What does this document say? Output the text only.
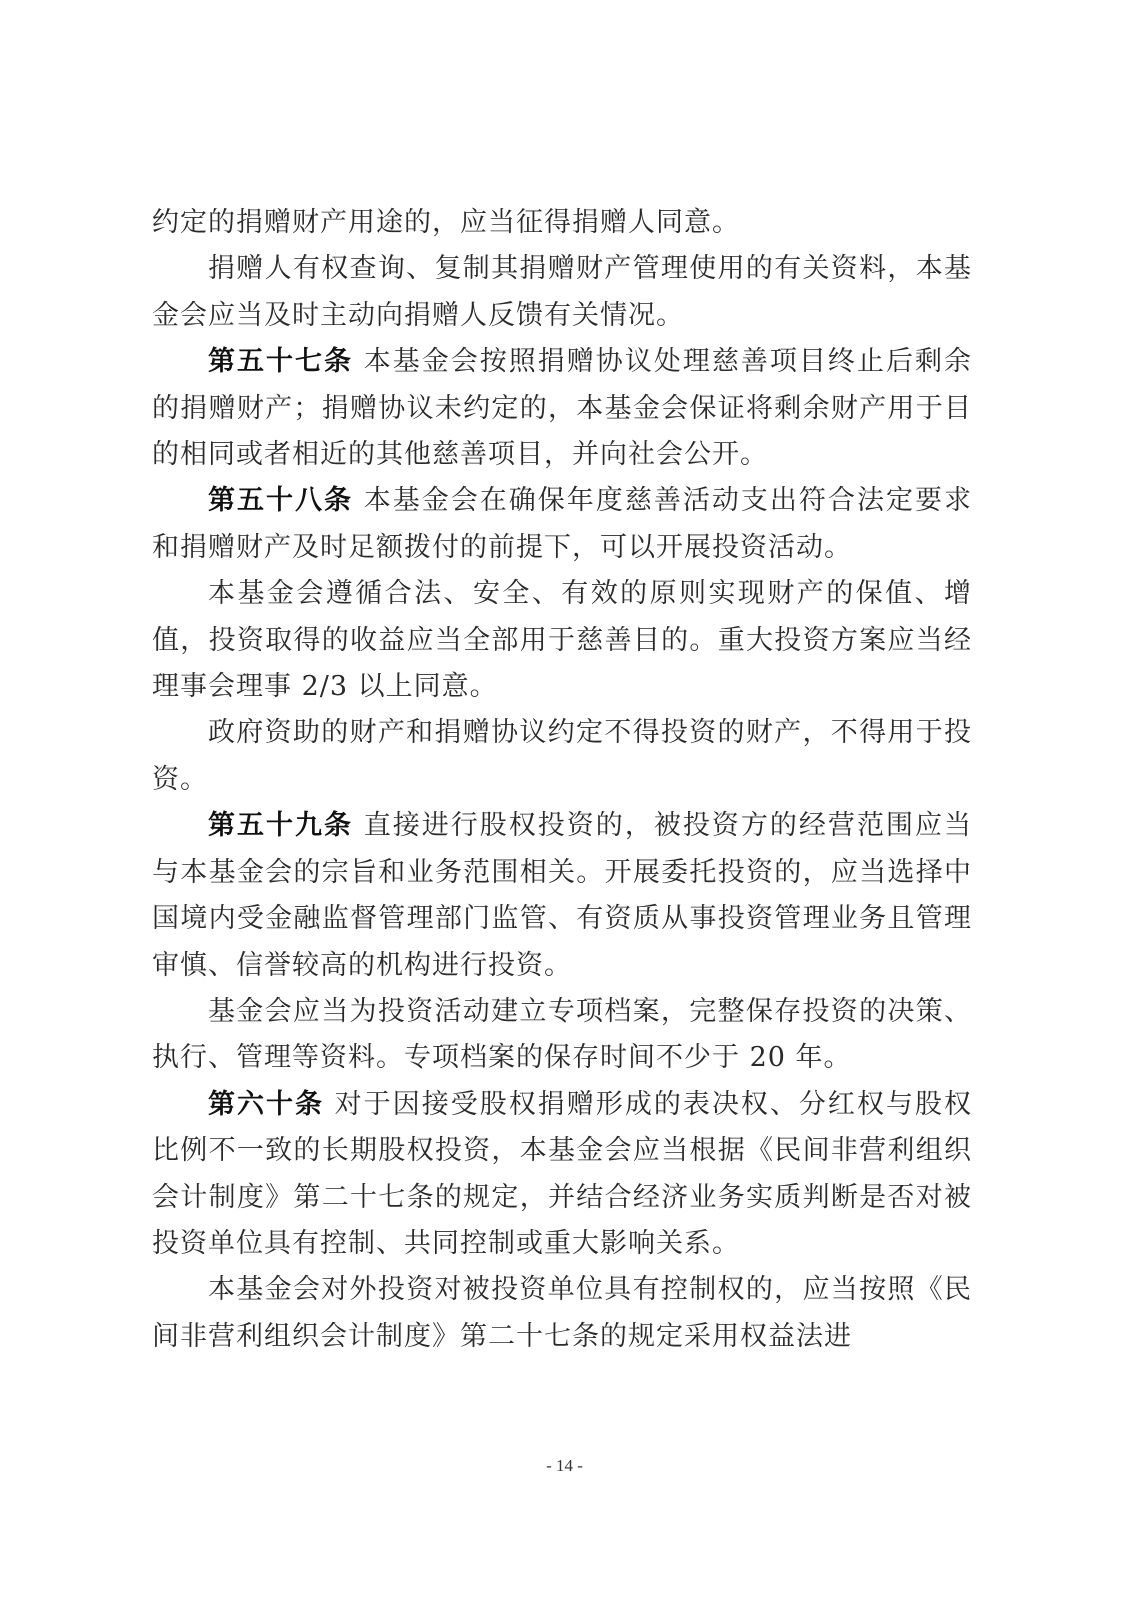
约定的捐赠财产用途的，应当征得捐赠人同意。

捐赠人有权查询、复制其捐赠财产管理使用的有关资料，本基金会应当及时主动向捐赠人反馈有关情况。

第五十七条 本基金会按照捐赠协议处理慈善项目终止后剩余的捐赠财产；捐赠协议未约定的，本基金会保证将剩余财产用于目的相同或者相近的其他慈善项目，并向社会公开。

第五十八条 本基金会在确保年度慈善活动支出符合法定要求和捐赠财产及时足额拨付的前提下，可以开展投资活动。

本基金会遵循合法、安全、有效的原则实现财产的保值、增值，投资取得的收益应当全部用于慈善目的。重大投资方案应当经理事会理事 2/3 以上同意。

政府资助的财产和捐赠协议约定不得投资的财产，不得用于投资。

第五十九条 直接进行股权投资的，被投资方的经营范围应当与本基金会的宗旨和业务范围相关。开展委托投资的，应当选择中国境内受金融监督管理部门监管、有资质从事投资管理业务且管理审慎、信誉较高的机构进行投资。

基金会应当为投资活动建立专项档案，完整保存投资的决策、执行、管理等资料。专项档案的保存时间不少于 20 年。

第六十条 对于因接受股权捐赠形成的表决权、分红权与股权比例不一致的长期股权投资，本基金会应当根据《民间非营利组织会计制度》第二十七条的规定，并结合经济业务实质判断是否对被投资单位具有控制、共同控制或重大影响关系。

本基金会对外投资对被投资单位具有控制权的，应当按照《民间非营利组织会计制度》第二十七条的规定采用权益法进

- 14 -
